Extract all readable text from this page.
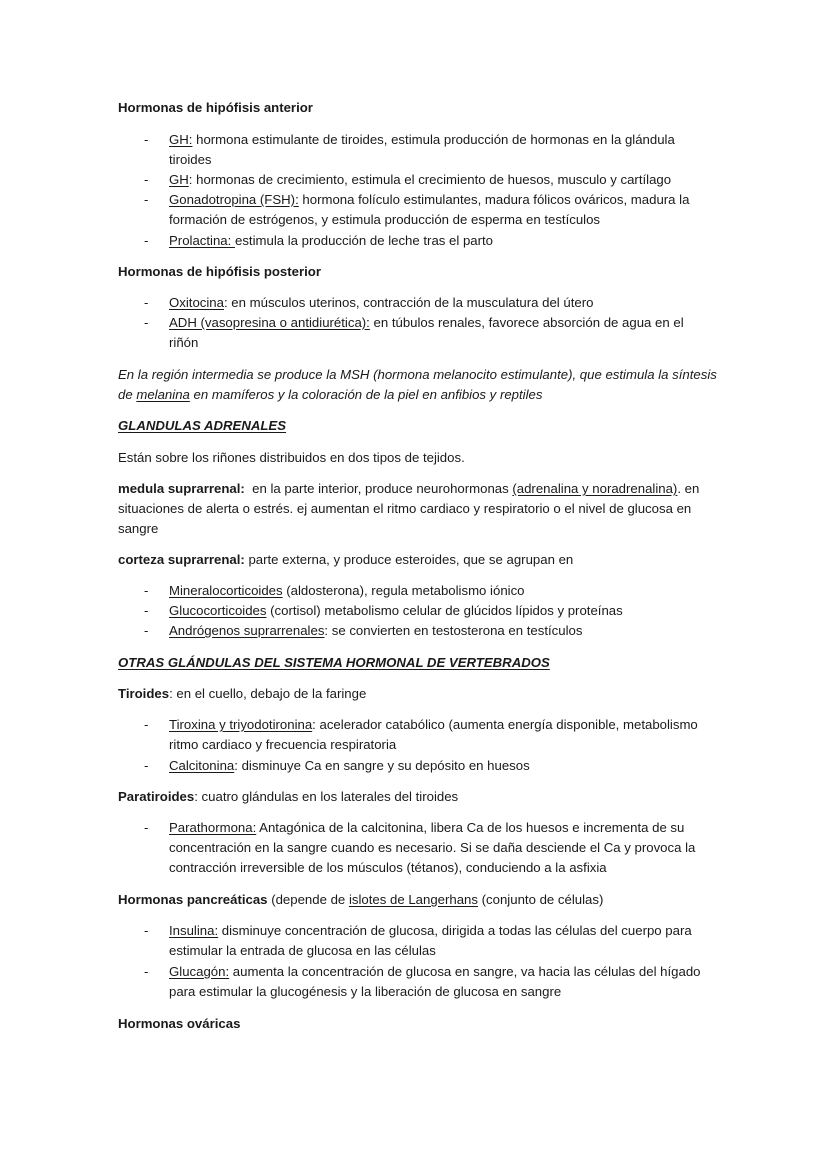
Hormonas de hipófisis anterior

-	GH: hormona estimulante de tiroides, estimula producción de hormonas en la glándula tiroides
-	GH: hormonas de crecimiento, estimula el crecimiento de huesos, musculo y cartílago
-	Gonadotropina (FSH): hormona folículo estimulantes, madura fólicos ováricos, madura la formación de estrógenos, y estimula producción de esperma en testículos
-	Prolactina: estimula la producción de leche tras el parto

Hormonas de hipófisis posterior

-	Oxitocina: en músculos uterinos, contracción de la musculatura del útero
-	ADH (vasopresina o antidiurética): en túbulos renales, favorece absorción de agua en el riñón

En la región intermedia se produce la MSH (hormona melanocito estimulante), que estimula la síntesis de melanina en mamíferos y la coloración de la piel en anfibios y reptiles

GLANDULAS ADRENALES

Están sobre los riñones distribuidos en dos tipos de tejidos.

medula suprarrenal:  en la parte interior, produce neurohormonas (adrenalina y noradrenalina). en situaciones de alerta o estrés. ej aumentan el ritmo cardiaco y respiratorio o el nivel de glucosa en sangre

corteza suprarrenal: parte externa, y produce esteroides, que se agrupan en

-	Mineralocorticoides (aldosterona), regula metabolismo iónico
-	Glucocorticoides (cortisol) metabolismo celular de glúcidos lípidos y proteínas
-	Andrógenos suprarrenales: se convierten en testosterona en testículos

OTRAS GLÁNDULAS DEL SISTEMA HORMONAL DE VERTEBRADOS

Tiroides: en el cuello, debajo de la faringe

-	Tiroxina y triyodotironina: acelerador catabólico (aumenta energía disponible, metabolismo ritmo cardiaco y frecuencia respiratoria
-	Calcitonina: disminuye Ca en sangre y su depósito en huesos

Paratiroides: cuatro glándulas en los laterales del tiroides

-	Parathormona: Antagónica de la calcitonina, libera Ca de los huesos e incrementa de su concentración en la sangre cuando es necesario. Si se daña desciende el Ca y provoca la contracción irreversible de los músculos (tétanos), conduciendo a la asfixia

Hormonas pancreáticas (depende de islotes de Langerhans (conjunto de células)

-	Insulina: disminuye concentración de glucosa, dirigida a todas las células del cuerpo para estimular la entrada de glucosa en las células
-	Glucagón: aumenta la concentración de glucosa en sangre, va hacia las células del hígado para estimular la glucogénesis y la liberación de glucosa en sangre

Hormonas ováricas
